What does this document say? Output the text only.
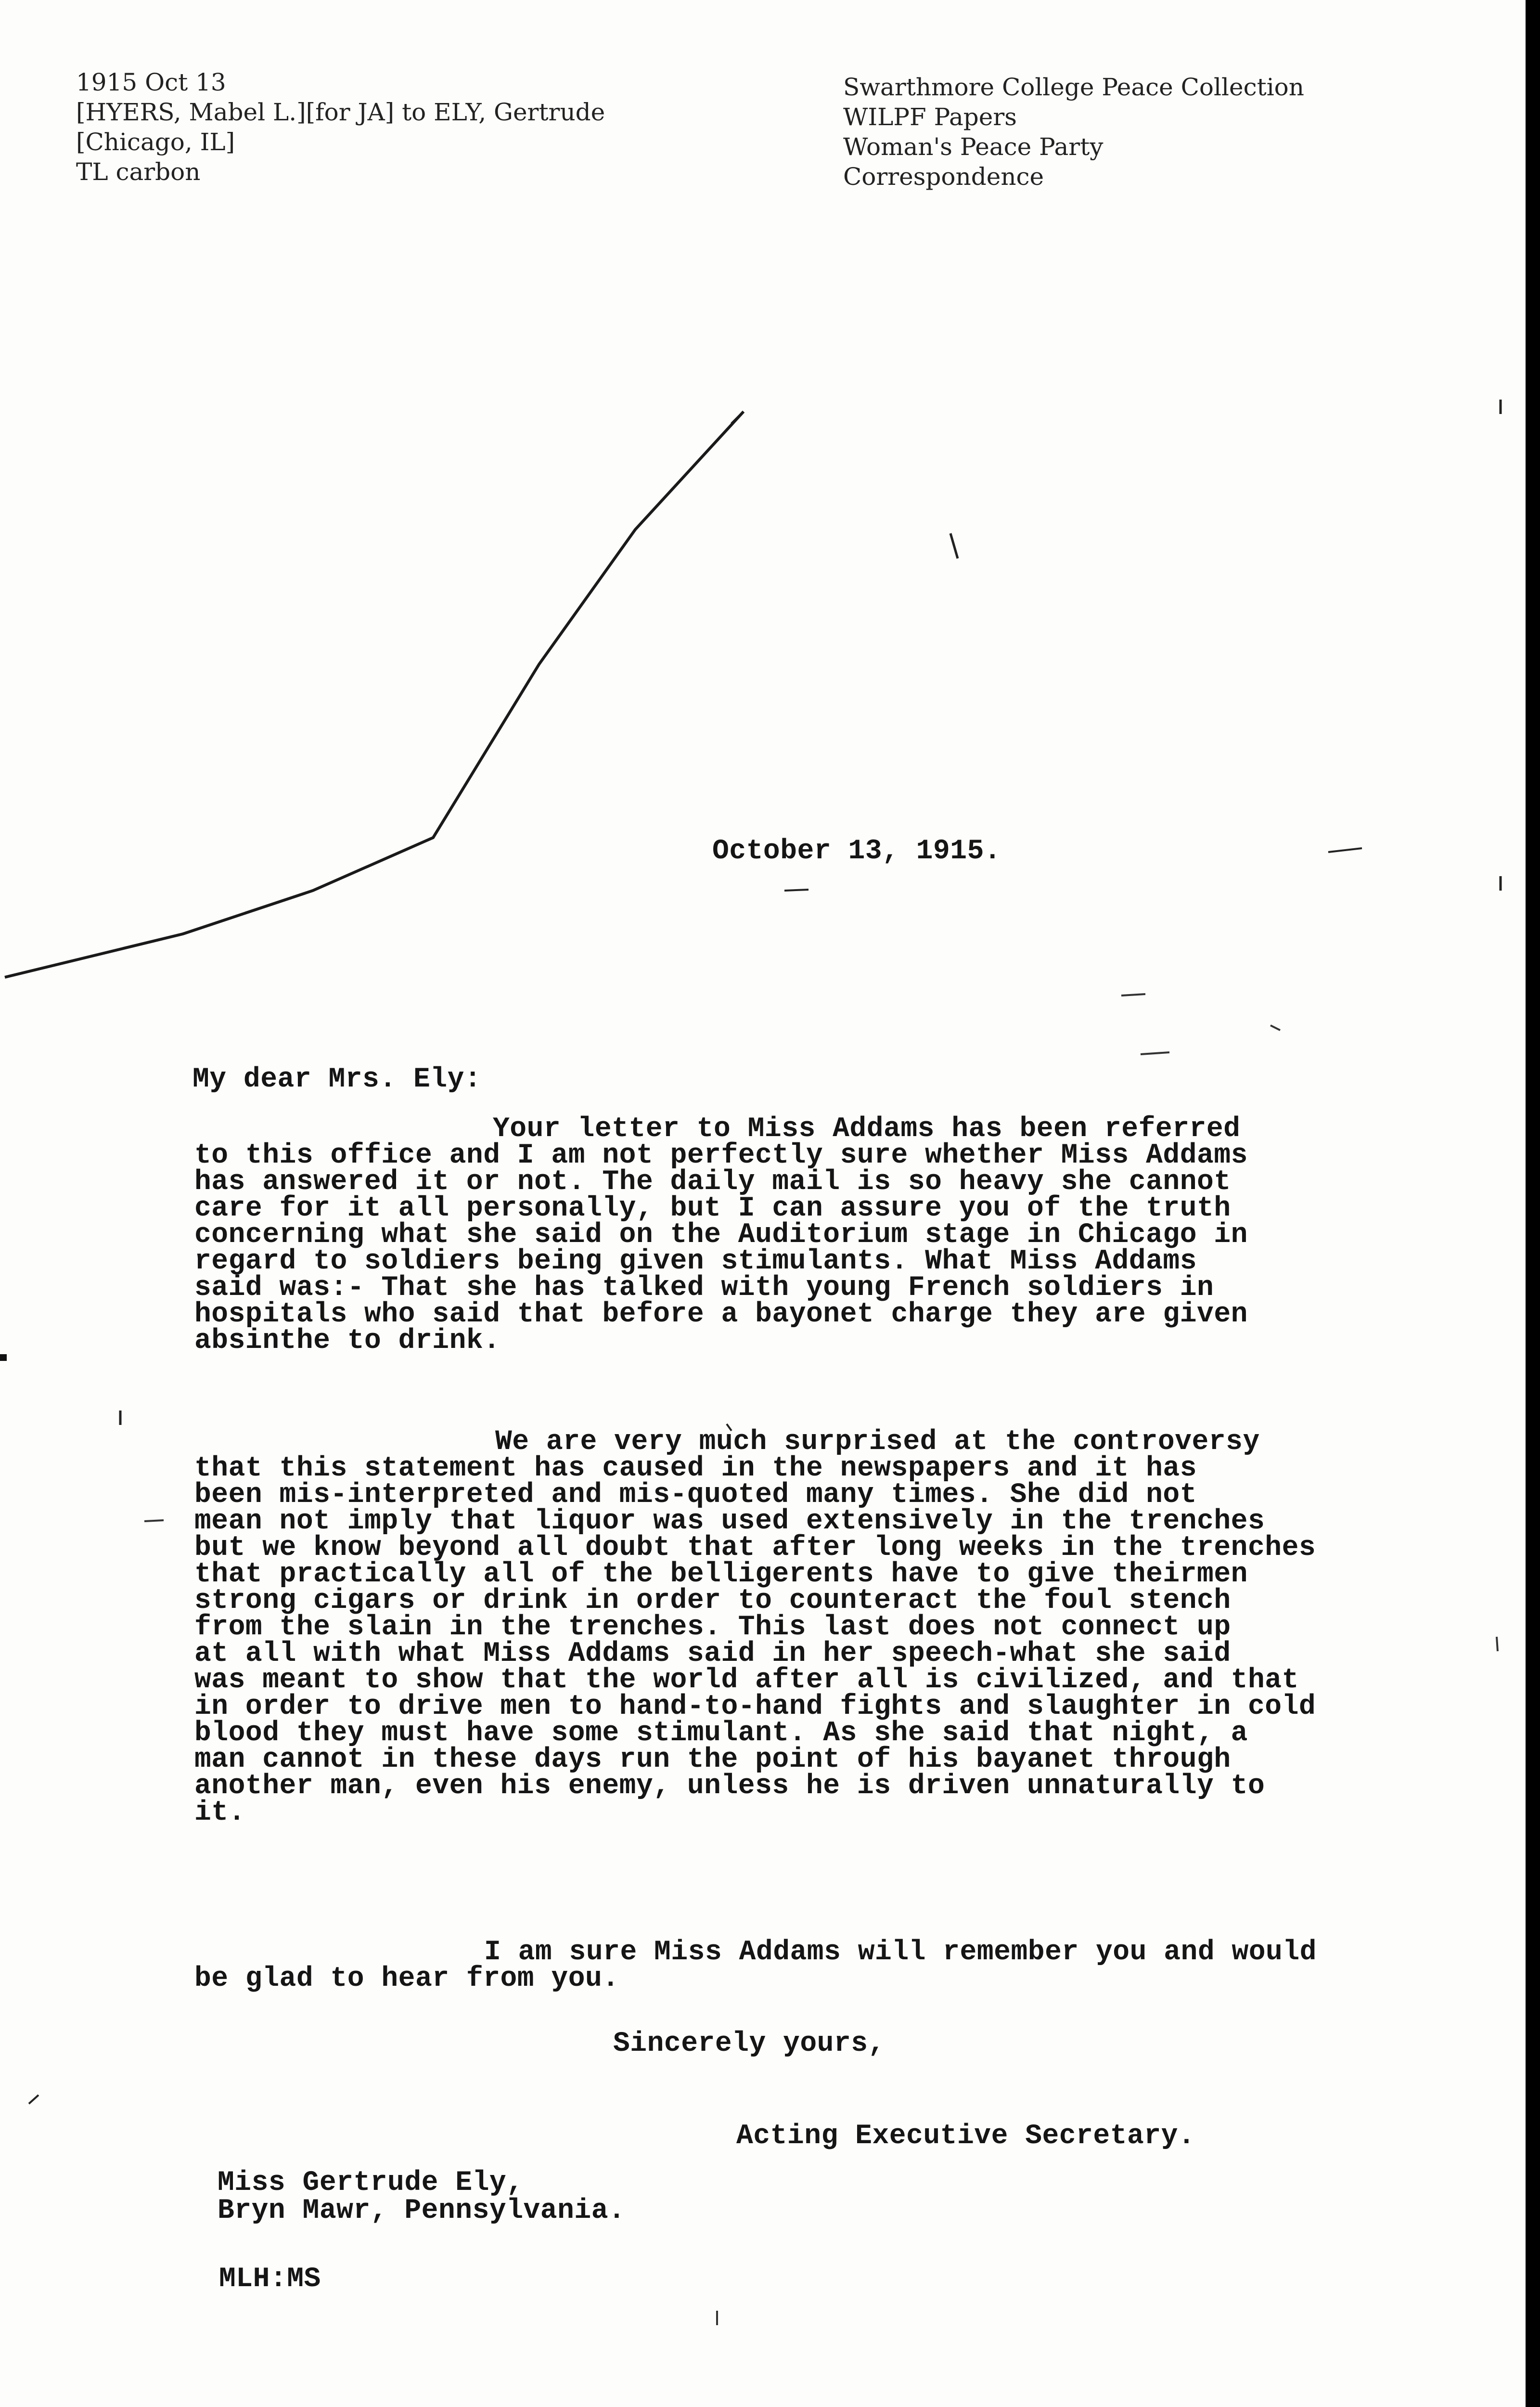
1915 Oct 13
[HYERS, Mabel L.][for JA] to ELY, Gertrude
[Chicago, IL]
TL carbon
Swarthmore College Peace Collection
WILPF Papers
Woman's Peace Party
Correspondence
October 13, 1915.
My dear Mrs. Ely:
Your letter to Miss Addams has been referred
to this office and I am not perfectly sure whether Miss Addams
has answered it or not. The daily mail is so heavy she cannot
care for it all personally, but I can assure you of the truth
concerning what she said on the Auditorium stage in Chicago in
regard to soldiers being given stimulants. What Miss Addams
said was:- That she has talked with young French soldiers in
hospitals who said that before a bayonet charge they are given
absinthe to drink.
We are very much surprised at the controversy
that this statement has caused in the newspapers and it has
been mis-interpreted and mis-quoted many times. She did not
mean not imply that liquor was used extensively in the trenches
but we know beyond all doubt that after long weeks in the trenches
that practically all of the belligerents have to give theirmen
strong cigars or drink in order to counteract the foul stench
from the slain in the trenches. This last does not connect up
at all with what Miss Addams said in her speech-what she said
was meant to show that the world after all is civilized, and that
in order to drive men to hand-to-hand fights and slaughter in cold
blood they must have some stimulant. As she said that night, a
man cannot in these days run the point of his bayanet through
another man, even his enemy, unless he is driven unnaturally to
it.
I am sure Miss Addams will remember you and would
be glad to hear from you.
Sincerely yours,
Acting Executive Secretary.
Miss Gertrude Ely,
Bryn Mawr, Pennsylvania.
MLH:MS
